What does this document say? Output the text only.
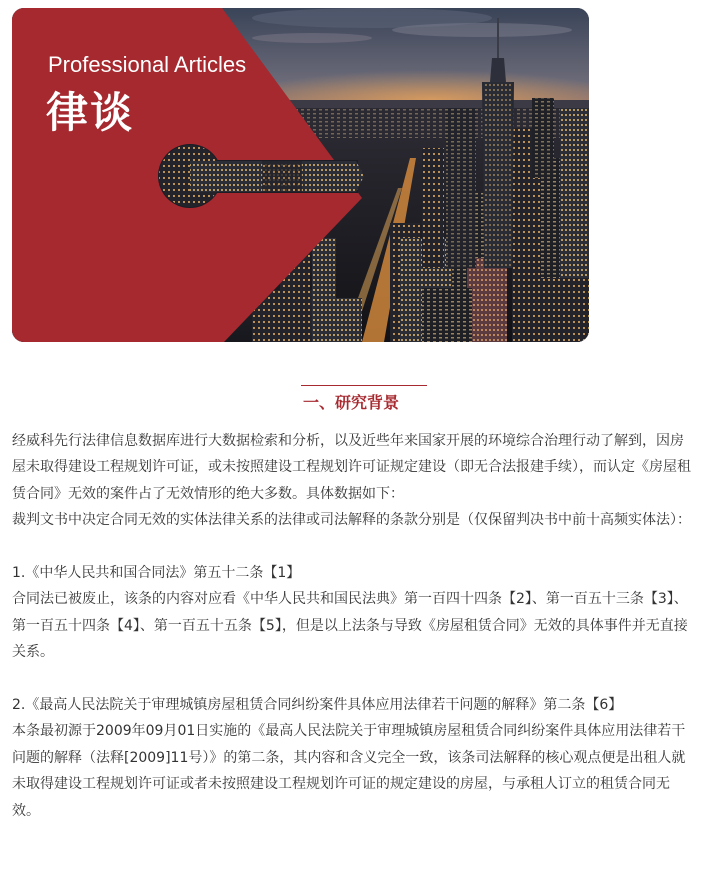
Professional Articles
律谈
一、研究背景

经威科先行法律信息数据库进行大数据检索和分析，以及近些年来国家开展的环境综合治理行动了解到，因房屋未取得建设工程规划许可证，或未按照建设工程规划许可证规定建设（即无合法报建手续），而认定《房屋租赁合同》无效的案件占了无效情形的绝大多数。具体数据如下：

裁判文书中决定合同无效的实体法律关系的法律或司法解释的条款分别是（仅保留判决书中前十高频实体法）：

1.《中华人民共和国合同法》第五十二条【1】

合同法已被废止，该条的内容对应看《中华人民共和国民法典》第一百四十四条【2】、第一百五十三条【3】、第一百五十四条【4】、第一百五十五条【5】，但是以上法条与导致《房屋租赁合同》无效的具体事件并无直接关系。

2.《最高人民法院关于审理城镇房屋租赁合同纠纷案件具体应用法律若干问题的解释》第二条【6】

本条最初源于2009年09月01日实施的《最高人民法院关于审理城镇房屋租赁合同纠纷案件具体应用法律若干问题的解释（法释[2009]11号）》的第二条，其内容和含义完全一致，该条司法解释的核心观点便是出租人就未取得建设工程规划许可证或者未按照建设工程规划许可证的规定建设的房屋，与承租人订立的租赁合同无效。
